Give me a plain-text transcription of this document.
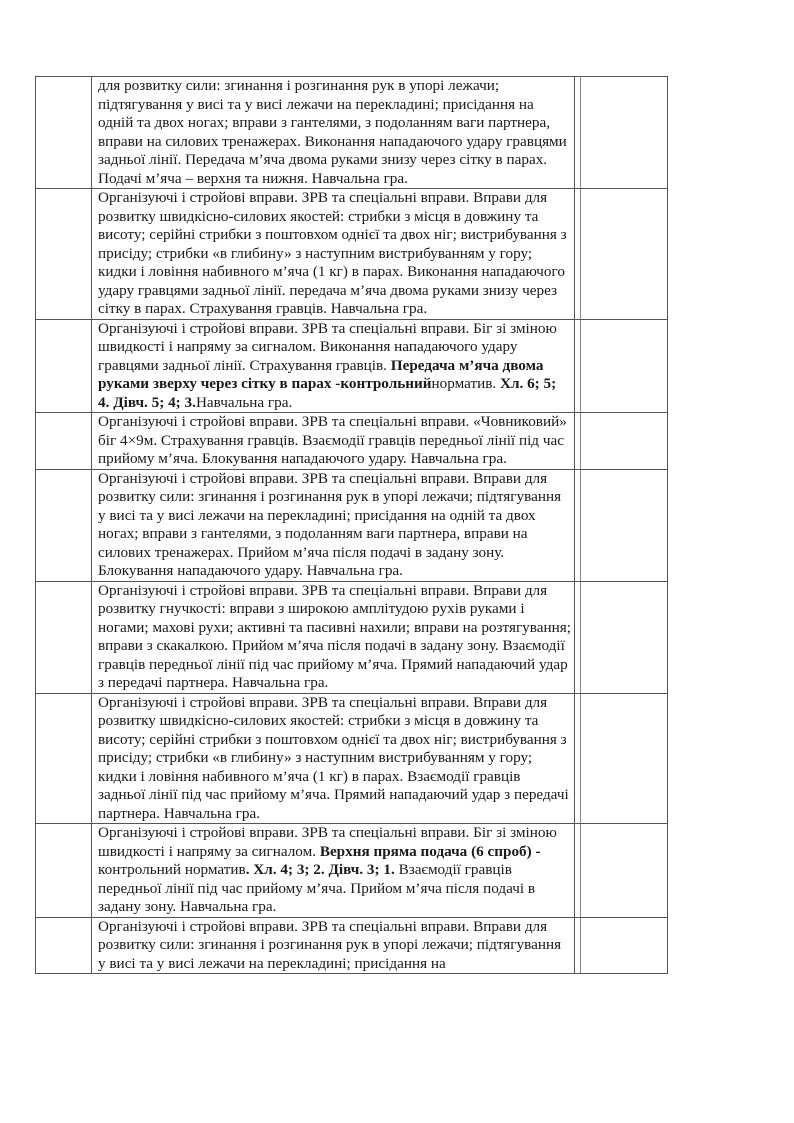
	для розвитку сили: згинання і розгинання рук в упорі лежачи; підтягування у висі та у висі лежачи на перекладині; присідання на одній та двох ногах; вправи з гантелями, з подоланням ваги партнера, вправи на силових тренажерах. Виконання нападаючого удару гравцями задньої лінії. Передача м’яча двома руками знизу через сітку в парах. Подачі м’яча – верхня та нижня. Навчальна гра.		
	Організуючі і стройові вправи. ЗРВ та спеціальні вправи. Вправи для розвитку швидкісно-силових якостей: стрибки з місця в довжину та висоту; серійні стрибки з поштовхом однієї та двох ніг; вистрибування з присіду; стрибки «в глибину» з наступним вистрибуванням у гору; кидки і ловіння набивного м’яча (1 кг) в парах. Виконання нападаючого удару гравцями задньої лінії. передача м’яча двома руками знизу через сітку в парах. Страхування гравців. Навчальна гра.		
	Організуючі і стройові вправи. ЗРВ та спеціальні вправи. Біг зі зміною швидкості і напряму за сигналом. Виконання нападаючого удару гравцями задньої лінії. Страхування гравців. Передача м’яча двома руками зверху через сітку в парах -контрольнийнорматив. Хл. 6; 5; 4. Дівч. 5; 4; 3.Навчальна гра.		
	Організуючі і стройові вправи. ЗРВ та спеціальні вправи. «Човниковий» біг 4×9м. Страхування гравців. Взаємодії гравців передньої лінії під час прийому м’яча. Блокування нападаючого удару. Навчальна гра.		
	Організуючі і стройові вправи. ЗРВ та спеціальні вправи. Вправи для розвитку сили: згинання і розгинання рук в упорі лежачи; підтягування у висі та у висі лежачи на перекладині; присідання на одній та двох ногах; вправи з гантелями, з подоланням ваги партнера, вправи на силових тренажерах. Прийом м’яча після подачі в задану зону. Блокування нападаючого удару. Навчальна гра.		
	Організуючі і стройові вправи. ЗРВ та спеціальні вправи. Вправи для розвитку гнучкості: вправи з широкою амплітудою рухів руками і ногами; махові рухи; активні та пасивні нахили; вправи на розтягування; вправи з скакалкою. Прийом м’яча після подачі в задану зону. Взаємодії гравців передньої лінії під час прийому м’яча. Прямий нападаючий удар з передачі партнера. Навчальна гра.		
	Організуючі і стройові вправи. ЗРВ та спеціальні вправи. Вправи для розвитку швидкісно-силових якостей: стрибки з місця в довжину та висоту; серійні стрибки з поштовхом однієї та двох ніг; вистрибування з присіду; стрибки «в глибину» з наступним вистрибуванням у гору; кидки і ловіння набивного м’яча (1 кг) в парах. Взаємодії гравців задньої лінії під час прийому м’яча. Прямий нападаючий удар з передачі партнера. Навчальна гра.		
	Організуючі і стройові вправи. ЗРВ та спеціальні вправи. Біг зі зміною швидкості і напряму за сигналом. Верхня пряма подача (6 спроб) - контрольний норматив. Хл. 4; 3; 2. Дівч. 3; 1. Взаємодії гравців передньої лінії під час прийому м’яча. Прийом м’яча після подачі в задану зону. Навчальна гра.		
	Організуючі і стройові вправи. ЗРВ та спеціальні вправи. Вправи для розвитку сили: згинання і розгинання рук в упорі лежачи; підтягування у висі та у висі лежачи на перекладині; присідання на		
